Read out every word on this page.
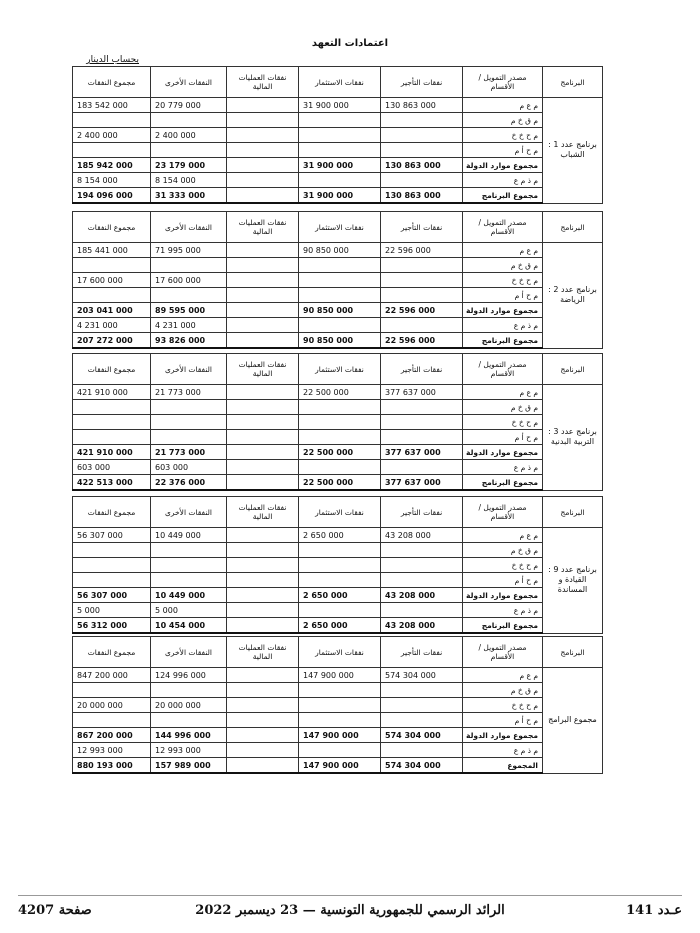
اعتمادات التعهد
بحساب الدينار
البرنامج	مصدر التمويل / الأقسام	نفقات التأجير	نفقات الاستثمار	نفقات العمليات المالية	النفقات الأخرى	مجموع النفقات
برنامج عدد 1 : الشباب	م ع م	130 863 000	31 900 000		20 779 000	183 542 000
	م ق خ م					
	م ح خ خ				2 400 000	2 400 000
	م ح أ م					
	مجموع موارد الدولة	130 863 000	31 900 000		23 179 000	185 942 000
	م ذ م ع				8 154 000	8 154 000
	مجموع البرنامج	130 863 000	31 900 000		31 333 000	194 096 000
البرنامج	مصدر التمويل / الأقسام	نفقات التأجير	نفقات الاستثمار	نفقات العمليات المالية	النفقات الأخرى	مجموع النفقات
برنامج عدد 2 : الرياضة	م ع م	22 596 000	90 850 000		71 995 000	185 441 000
	م ق خ م					
	م ح خ خ				17 600 000	17 600 000
	م ح أ م					
	مجموع موارد الدولة	22 596 000	90 850 000		89 595 000	203 041 000
	م ذ م ع				4 231 000	4 231 000
	مجموع البرنامج	22 596 000	90 850 000		93 826 000	207 272 000
البرنامج	مصدر التمويل / الأقسام	نفقات التأجير	نفقات الاستثمار	نفقات العمليات المالية	النفقات الأخرى	مجموع النفقات
برنامج عدد 3 : التربية البدنية	م ع م	377 637 000	22 500 000		21 773 000	421 910 000
	م ق خ م					
	م ح خ خ					
	م ح أ م					
	مجموع موارد الدولة	377 637 000	22 500 000		21 773 000	421 910 000
	م ذ م ع				603 000	603 000
	مجموع البرنامج	377 637 000	22 500 000		22 376 000	422 513 000
البرنامج	مصدر التمويل / الأقسام	نفقات التأجير	نفقات الاستثمار	نفقات العمليات المالية	النفقات الأخرى	مجموع النفقات
برنامج عدد 9 : القيادة و المساندة	م ع م	43 208 000	2 650 000		10 449 000	56 307 000
	م ق خ م					
	م ح خ خ					
	م ح أ م					
	مجموع موارد الدولة	43 208 000	2 650 000		10 449 000	56 307 000
	م ذ م ع				5 000	5 000
	مجموع البرنامج	43 208 000	2 650 000		10 454 000	56 312 000
البرنامج	مصدر التمويل / الأقسام	نفقات التأجير	نفقات الاستثمار	نفقات العمليات المالية	النفقات الأخرى	مجموع النفقات
مجموع البرامج	م ع م	574 304 000	147 900 000		124 996 000	847 200 000
	م ق خ م					
	م ح خ خ				20 000 000	20 000 000
	م ح أ م					
	مجموع موارد الدولة	574 304 000	147 900 000		144 996 000	867 200 000
	م ذ م ع				12 993 000	12 993 000
	المجموع	574 304 000	147 900 000		157 989 000	880 193 000
صفحة 4207	الرائد الرسمي للجمهورية التونسية — 23 ديسمبر 2022	عـدد 141
